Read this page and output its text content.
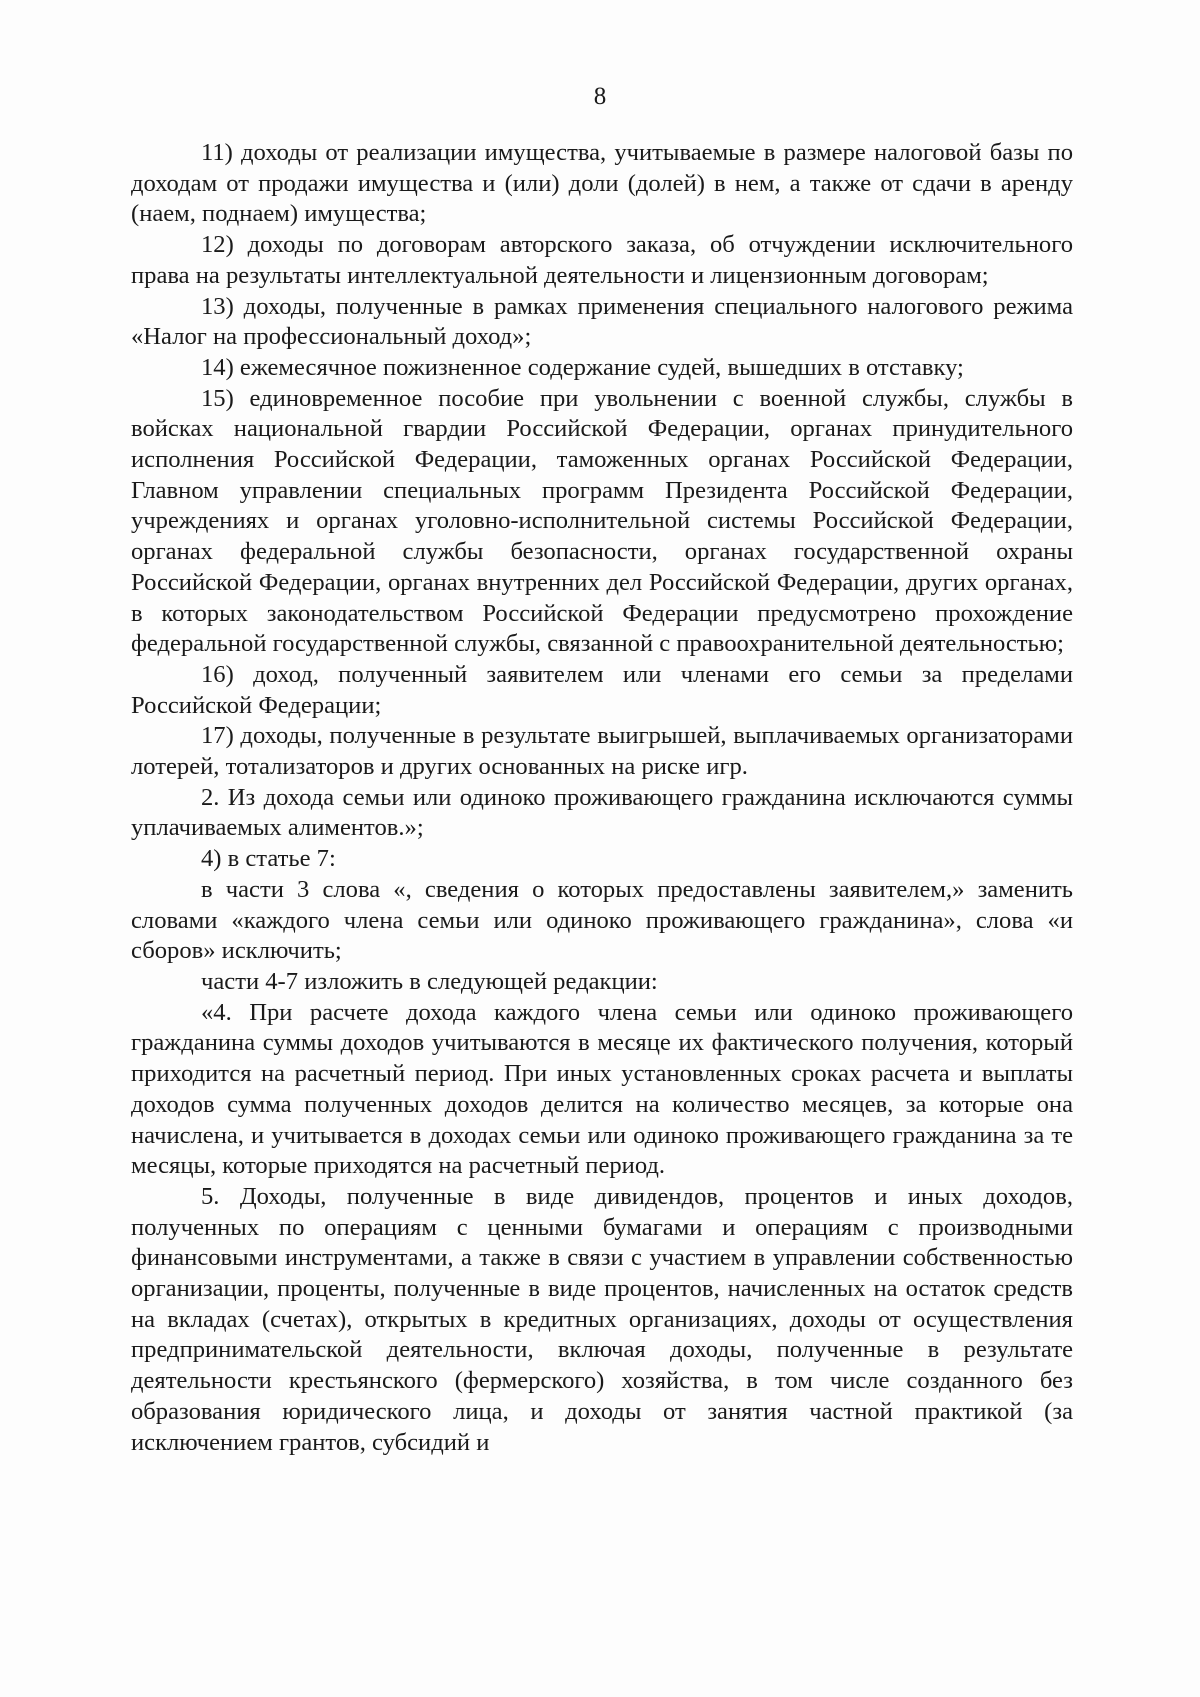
8

11) доходы от реализации имущества, учитываемые в размере налоговой базы по доходам от продажи имущества и (или) доли (долей) в нем, а также от сдачи в аренду (наем, поднаем) имущества;

12) доходы по договорам авторского заказа, об отчуждении исключительного права на результаты интеллектуальной деятельности и лицензионным договорам;

13) доходы, полученные в рамках применения специального налогового режима «Налог на профессиональный доход»;

14) ежемесячное пожизненное содержание судей, вышедших в отставку;

15) единовременное пособие при увольнении с военной службы, службы в войсках национальной гвардии Российской Федерации, органах принудительного исполнения Российской Федерации, таможенных органах Российской Федерации, Главном управлении специальных программ Президента Российской Федерации, учреждениях и органах уголовно-исполнительной системы Российской Федерации, органах федеральной службы безопасности, органах государственной охраны Российской Федерации, органах внутренних дел Российской Федерации, других органах, в которых законодательством Российской Федерации предусмотрено прохождение федеральной государственной службы, связанной с правоохранительной деятельностью;

16) доход, полученный заявителем или членами его семьи за пределами Российской Федерации;

17) доходы, полученные в результате выигрышей, выплачиваемых организаторами лотерей, тотализаторов и других основанных на риске игр.

2. Из дохода семьи или одиноко проживающего гражданина исключаются суммы уплачиваемых алиментов.»;

4) в статье 7:

в части 3 слова «, сведения о которых предоставлены заявителем,» заменить словами «каждого члена семьи или одиноко проживающего гражданина», слова «и сборов» исключить;

части 4-7 изложить в следующей редакции:

«4. При расчете дохода каждого члена семьи или одиноко проживающего гражданина суммы доходов учитываются в месяце их фактического получения, который приходится на расчетный период. При иных установленных сроках расчета и выплаты доходов сумма полученных доходов делится на количество месяцев, за которые она начислена, и учитывается в доходах семьи или одиноко проживающего гражданина за те месяцы, которые приходятся на расчетный период.

5. Доходы, полученные в виде дивидендов, процентов и иных доходов, полученных по операциям с ценными бумагами и операциям с производными финансовыми инструментами, а также в связи с участием в управлении собственностью организации, проценты, полученные в виде процентов, начисленных на остаток средств на вкладах (счетах), открытых в кредитных организациях, доходы от осуществления предпринимательской деятельности, включая доходы, полученные в результате деятельности крестьянского (фермерского) хозяйства, в том числе созданного без образования юридического лица, и доходы от занятия частной практикой (за исключением грантов, субсидий и
